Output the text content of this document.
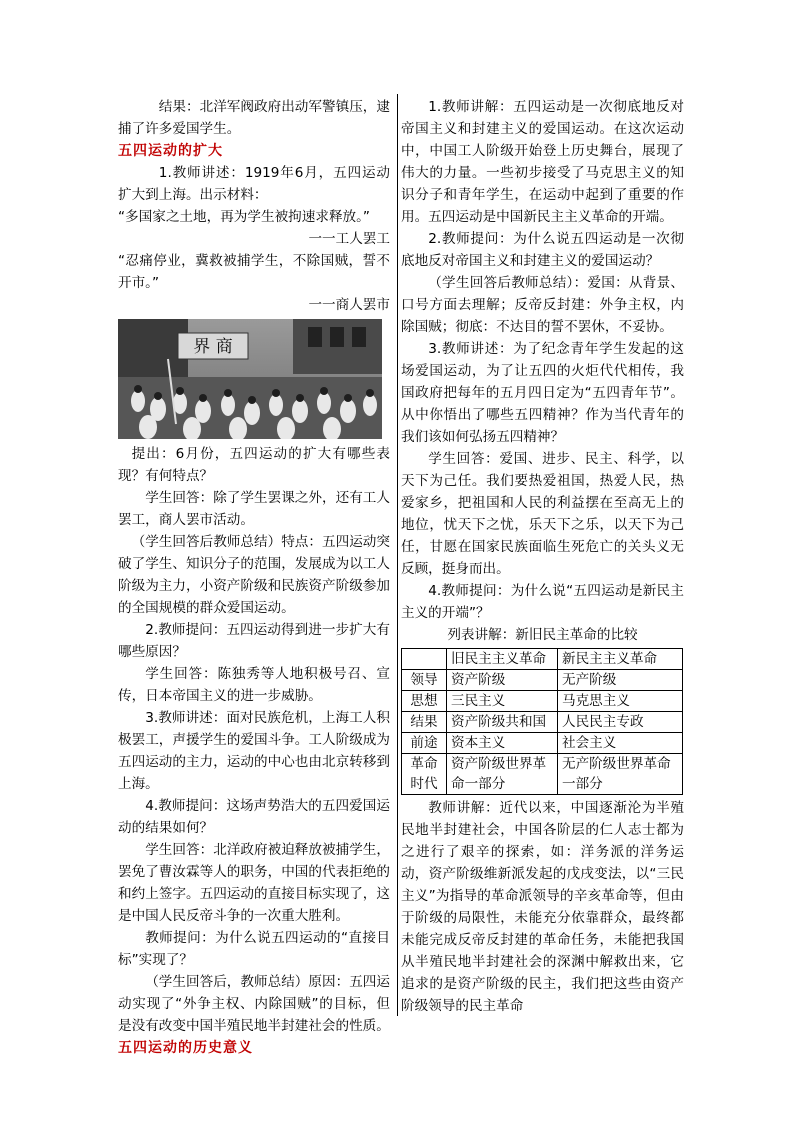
结果：北洋军阀政府出动军警镇压，逮捕了许多爱国学生。

五四运动的扩大

1.教师讲述：1919年6月，五四运动扩大到上海。出示材料：

“多国家之土地，再为学生被拘速求释放。”

一一工人罢工

“忍痛停业，冀救被捕学生，不除国贼，誓不开市。”

一一商人罢市

界 商

提出：6月份，五四运动的扩大有哪些表现？有何特点？

学生回答：除了学生罢课之外，还有工人罢工，商人罢市活动。

（学生回答后教师总结）特点：五四运动突破了学生、知识分子的范围，发展成为以工人阶级为主力，小资产阶级和民族资产阶级参加的全国规模的群众爱国运动。

2.教师提问：五四运动得到进一步扩大有哪些原因？

学生回答：陈独秀等人地积极号召、宣传，日本帝国主义的进一步威胁。

3.教师讲述：面对民族危机，上海工人积极罢工，声援学生的爱国斗争。工人阶级成为五四运动的主力，运动的中心也由北京转移到上海。

4.教师提问：这场声势浩大的五四爱国运动的结果如何？

学生回答：北洋政府被迫释放被捕学生，罢免了曹汝霖等人的职务，中国的代表拒绝的和约上签字。五四运动的直接目标实现了，这是中国人民反帝斗争的一次重大胜利。

教师提问：为什么说五四运动的“直接目标”实现了？

（学生回答后，教师总结）原因：五四运动实现了“外争主权、内除国贼”的目标，但是没有改变中国半殖民地半封建社会的性质。

五四运动的历史意义

1.教师讲解：五四运动是一次彻底地反对帝国主义和封建主义的爱国运动。在这次运动中，中国工人阶级开始登上历史舞台，展现了伟大的力量。一些初步接受了马克思主义的知识分子和青年学生，在运动中起到了重要的作用。五四运动是中国新民主主义革命的开端。

2.教师提问：为什么说五四运动是一次彻底地反对帝国主义和封建主义的爱国运动？

（学生回答后教师总结）：爱国：从背景、口号方面去理解；反帝反封建：外争主权，内除国贼；彻底：不达目的誓不罢休，不妥协。

3.教师讲述：为了纪念青年学生发起的这场爱国运动，为了让五四的火炬代代相传，我国政府把每年的五月四日定为“五四青年节”。从中你悟出了哪些五四精神？作为当代青年的我们该如何弘扬五四精神？

学生回答：爱国、进步、民主、科学，以天下为己任。我们要热爱祖国，热爱人民，热爱家乡，把祖国和人民的利益摆在至高无上的地位，忧天下之忧，乐天下之乐，以天下为己任，甘愿在国家民族面临生死危亡的关头义无反顾，挺身而出。

4.教师提问：为什么说“五四运动是新民主主义的开端”？

列表讲解：新旧民主革命的比较

	旧民主主义革命	新民主主义革命
领导	资产阶级	无产阶级
思想	三民主义	马克思主义
结果	资产阶级共和国	人民民主专政
前途	资本主义	社会主义
革命时代	资产阶级世界革命一部分	无产阶级世界革命一部分

教师讲解：近代以来，中国逐渐沦为半殖民地半封建社会，中国各阶层的仁人志士都为之进行了艰辛的探索，如：洋务派的洋务运动，资产阶级维新派发起的戊戌变法，以“三民主义”为指导的革命派领导的辛亥革命等，但由于阶级的局限性，未能充分依靠群众，最终都未能完成反帝反封建的革命任务，未能把我国从半殖民地半封建社会的深渊中解救出来，它追求的是资产阶级的民主，我们把这些由资产阶级领导的民主革命
